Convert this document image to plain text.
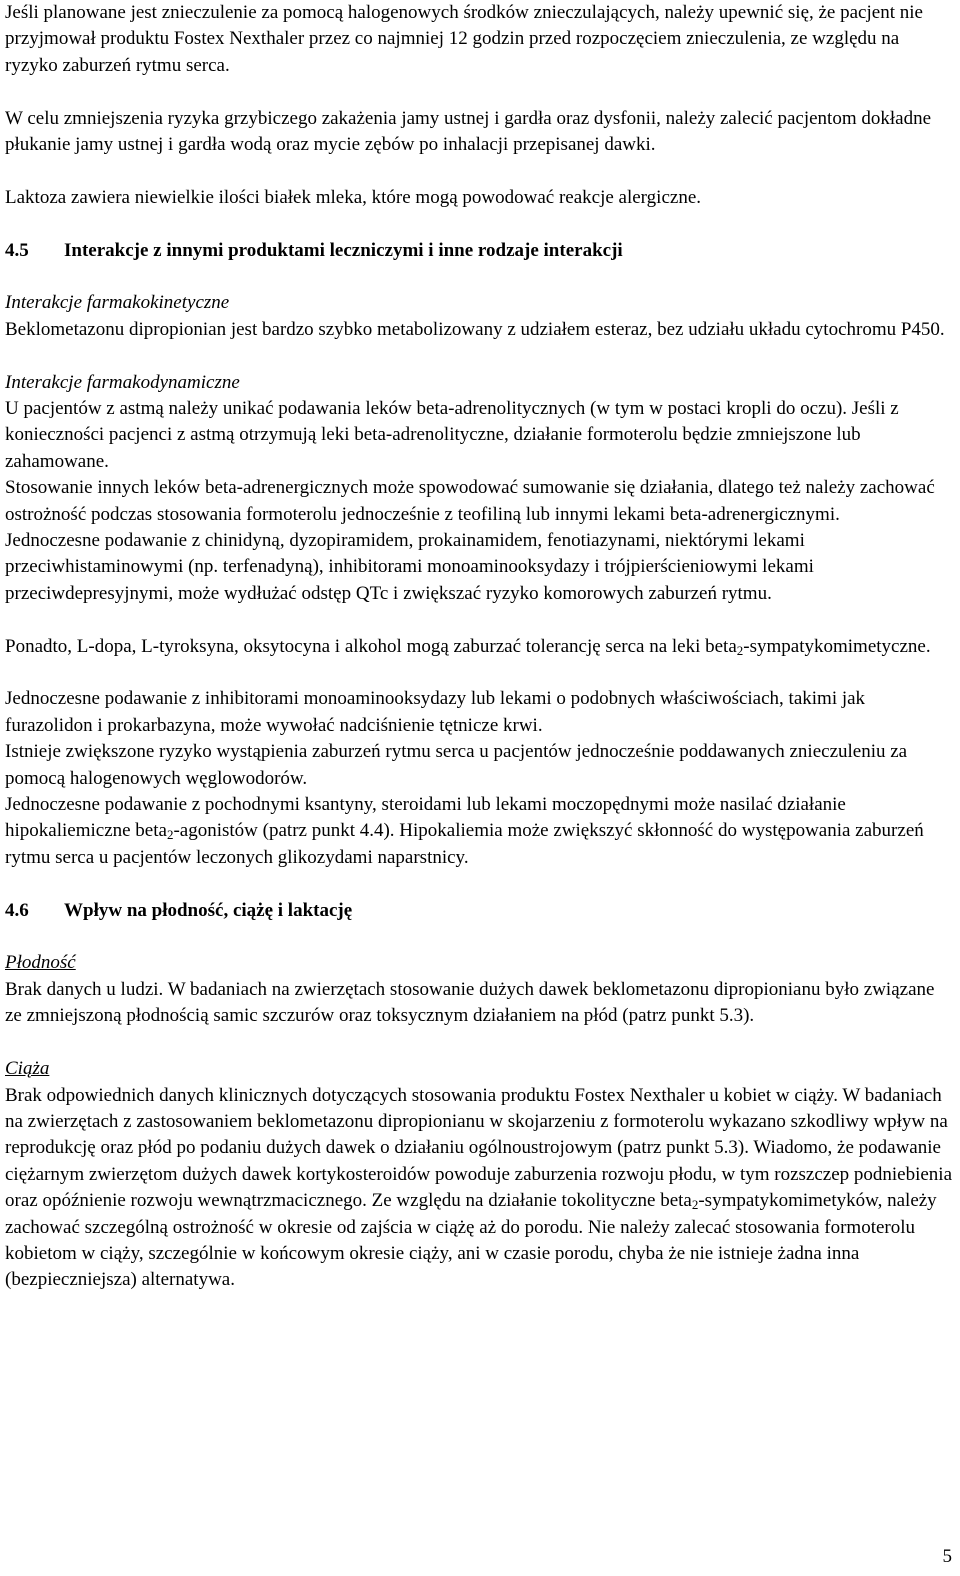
Jeśli planowane jest znieczulenie za pomocą halogenowych środków znieczulających, należy upewnić się, że pacjent nie przyjmował produktu Fostex Nexthaler przez co najmniej 12 godzin przed rozpoczęciem znieczulenia, ze względu na ryzyko zaburzeń rytmu serca.

W celu zmniejszenia ryzyka grzybiczego zakażenia jamy ustnej i gardła oraz dysfonii, należy zalecić pacjentom dokładne płukanie jamy ustnej i gardła wodą oraz mycie zębów po inhalacji przepisanej dawki.

Laktoza zawiera niewielkie ilości białek mleka, które mogą powodować reakcje alergiczne.

4.5	Interakcje z innymi produktami leczniczymi i inne rodzaje interakcji

Interakcje farmakokinetyczne

Beklometazonu dipropionian jest bardzo szybko metabolizowany z udziałem esteraz, bez udziału układu cytochromu P450.

Interakcje farmakodynamiczne

U pacjentów z astmą należy unikać podawania leków beta-adrenolitycznych (w tym w postaci kropli do oczu). Jeśli z konieczności pacjenci z astmą otrzymują leki beta-adrenolityczne, działanie formoterolu będzie zmniejszone lub zahamowane.

Stosowanie innych leków beta-adrenergicznych może spowodować sumowanie się działania, dlatego też należy zachować ostrożność podczas stosowania formoterolu jednocześnie z teofiliną lub innymi lekami beta-adrenergicznymi.

Jednoczesne podawanie z chinidyną, dyzopiramidem, prokainamidem, fenotiazynami, niektórymi lekami przeciwhistaminowymi (np. terfenadyną), inhibitorami monoaminooksydazy i trójpierścieniowymi lekami przeciwdepresyjnymi, może wydłużać odstęp QTc i zwiększać ryzyko komorowych zaburzeń rytmu.

Ponadto, L-dopa, L-tyroksyna, oksytocyna i alkohol mogą zaburzać tolerancję serca na leki beta$_2$-sympatykomimetyczne.

Jednoczesne podawanie z inhibitorami monoaminooksydazy lub lekami o podobnych właściwościach, takimi jak furazolidon i prokarbazyna, może wywołać nadciśnienie tętnicze krwi.

Istnieje zwiększone ryzyko wystąpienia zaburzeń rytmu serca u pacjentów jednocześnie poddawanych znieczuleniu za pomocą halogenowych węglowodorów.

Jednoczesne podawanie z pochodnymi ksantyny, steroidami lub lekami moczopędnymi może nasilać działanie hipokaliemiczne beta$_2$-agonistów (patrz punkt 4.4). Hipokaliemia może zwiększyć skłonność do występowania zaburzeń rytmu serca u pacjentów leczonych glikozydami naparstnicy.

4.6	Wpływ na płodność, ciążę i laktację

Płodność

Brak danych u ludzi. W badaniach na zwierzętach stosowanie dużych dawek beklometazonu dipropionianu było związane ze zmniejszoną płodnością samic szczurów oraz toksycznym działaniem na płód (patrz punkt 5.3).

Ciąża

Brak odpowiednich danych klinicznych dotyczących stosowania produktu Fostex Nexthaler u kobiet w ciąży. W badaniach na zwierzętach z zastosowaniem beklometazonu dipropionianu w skojarzeniu z formoterolu wykazano szkodliwy wpływ na reprodukcję oraz płód po podaniu dużych dawek o działaniu ogólnoustrojowym (patrz punkt 5.3). Wiadomo, że podawanie ciężarnym zwierzętom dużych dawek kortykosteroidów powoduje zaburzenia rozwoju płodu, w tym rozszczep podniebienia oraz opóźnienie rozwoju wewnątrzmacicznego. Ze względu na działanie tokolityczne beta$_2$-sympatykomimetyków, należy zachować szczególną ostrożność w okresie od zajścia w ciążę aż do porodu. Nie należy zalecać stosowania formoterolu kobietom w ciąży, szczególnie w końcowym okresie ciąży, ani w czasie porodu, chyba że nie istnieje żadna inna (bezpieczniejsza) alternatywa.

5
